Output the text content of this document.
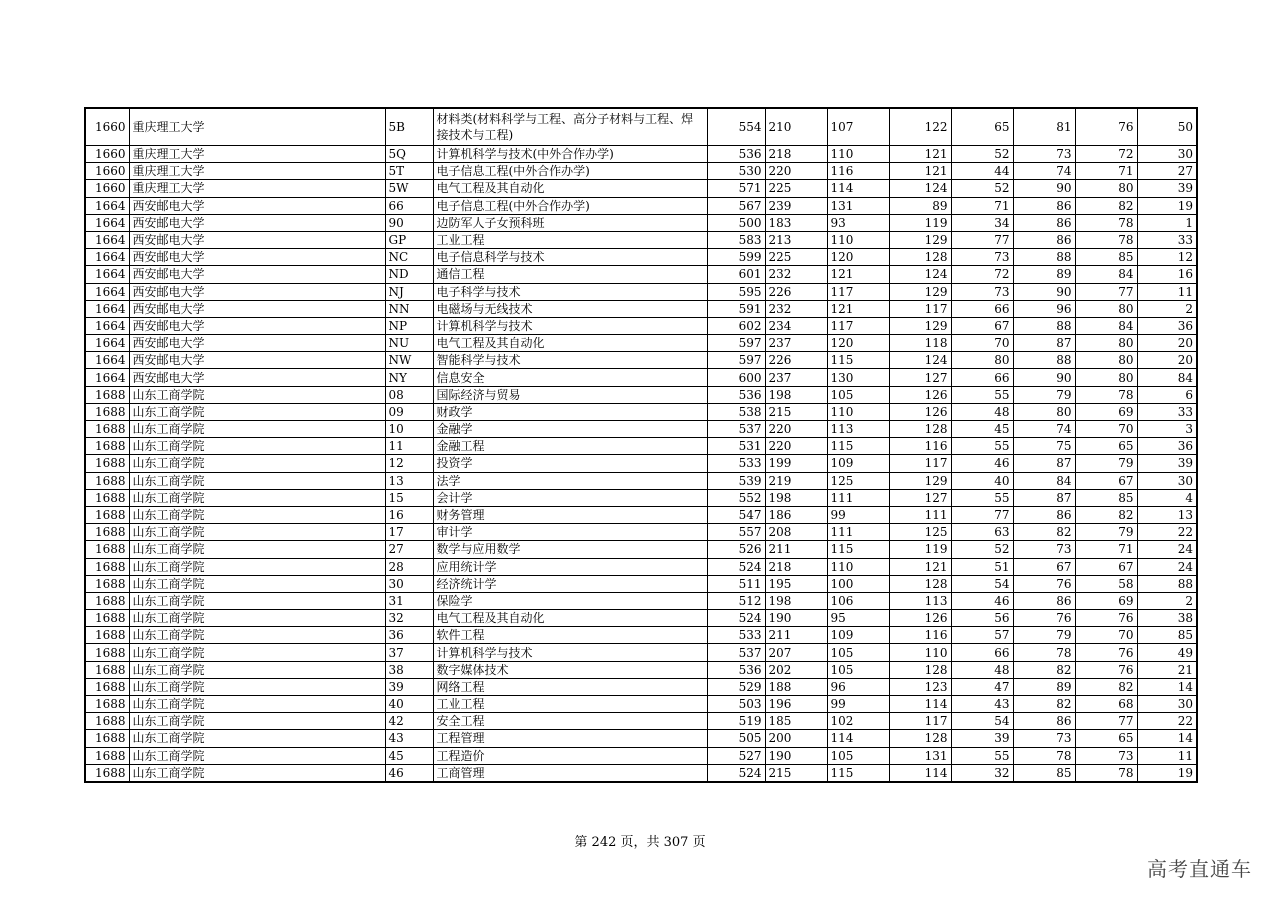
1660	重庆理工大学	5B	材料类(材料科学与工程、高分子材料与工程、焊接技术与工程)	554	210	107	122	65	81	76	50
1660	重庆理工大学	5Q	计算机科学与技术(中外合作办学)	536	218	110	121	52	73	72	30
1660	重庆理工大学	5T	电子信息工程(中外合作办学)	530	220	116	121	44	74	71	27
1660	重庆理工大学	5W	电气工程及其自动化	571	225	114	124	52	90	80	39
1664	西安邮电大学	66	电子信息工程(中外合作办学)	567	239	131	89	71	86	82	19
1664	西安邮电大学	90	边防军人子女预科班	500	183	93	119	34	86	78	1
1664	西安邮电大学	GP	工业工程	583	213	110	129	77	86	78	33
1664	西安邮电大学	NC	电子信息科学与技术	599	225	120	128	73	88	85	12
1664	西安邮电大学	ND	通信工程	601	232	121	124	72	89	84	16
1664	西安邮电大学	NJ	电子科学与技术	595	226	117	129	73	90	77	11
1664	西安邮电大学	NN	电磁场与无线技术	591	232	121	117	66	96	80	2
1664	西安邮电大学	NP	计算机科学与技术	602	234	117	129	67	88	84	36
1664	西安邮电大学	NU	电气工程及其自动化	597	237	120	118	70	87	80	20
1664	西安邮电大学	NW	智能科学与技术	597	226	115	124	80	88	80	20
1664	西安邮电大学	NY	信息安全	600	237	130	127	66	90	80	84
1688	山东工商学院	08	国际经济与贸易	536	198	105	126	55	79	78	6
1688	山东工商学院	09	财政学	538	215	110	126	48	80	69	33
1688	山东工商学院	10	金融学	537	220	113	128	45	74	70	3
1688	山东工商学院	11	金融工程	531	220	115	116	55	75	65	36
1688	山东工商学院	12	投资学	533	199	109	117	46	87	79	39
1688	山东工商学院	13	法学	539	219	125	129	40	84	67	30
1688	山东工商学院	15	会计学	552	198	111	127	55	87	85	4
1688	山东工商学院	16	财务管理	547	186	99	111	77	86	82	13
1688	山东工商学院	17	审计学	557	208	111	125	63	82	79	22
1688	山东工商学院	27	数学与应用数学	526	211	115	119	52	73	71	24
1688	山东工商学院	28	应用统计学	524	218	110	121	51	67	67	24
1688	山东工商学院	30	经济统计学	511	195	100	128	54	76	58	88
1688	山东工商学院	31	保险学	512	198	106	113	46	86	69	2
1688	山东工商学院	32	电气工程及其自动化	524	190	95	126	56	76	76	38
1688	山东工商学院	36	软件工程	533	211	109	116	57	79	70	85
1688	山东工商学院	37	计算机科学与技术	537	207	105	110	66	78	76	49
1688	山东工商学院	38	数字媒体技术	536	202	105	128	48	82	76	21
1688	山东工商学院	39	网络工程	529	188	96	123	47	89	82	14
1688	山东工商学院	40	工业工程	503	196	99	114	43	82	68	30
1688	山东工商学院	42	安全工程	519	185	102	117	54	86	77	22
1688	山东工商学院	43	工程管理	505	200	114	128	39	73	65	14
1688	山东工商学院	45	工程造价	527	190	105	131	55	78	73	11
1688	山东工商学院	46	工商管理	524	215	115	114	32	85	78	19
第 242 页，共 307 页
高考直通车
